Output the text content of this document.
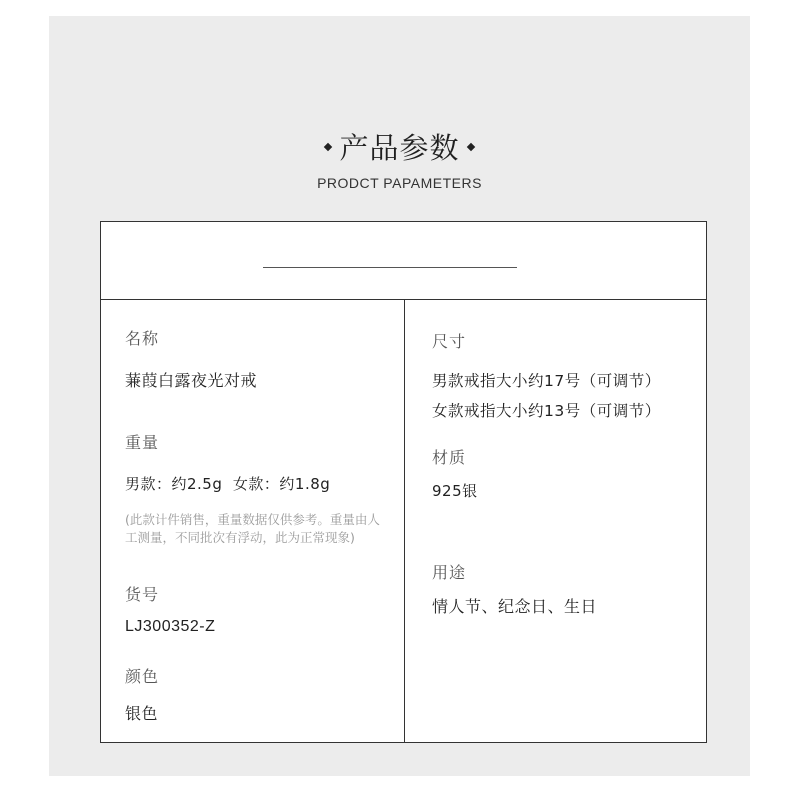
产品参数
PRODCT PAPAMETERS
名称
蒹葭白露夜光对戒
重量
男款：约2.5g  女款：约1.8g
(此款计件销售，重量数据仅供参考。重量由人工测量，不同批次有浮动，此为正常现象)
货号
LJ300352-Z
颜色
银色
尺寸
男款戒指大小约17号（可调节）
女款戒指大小约13号（可调节）
材质
925银
用途
情人节、纪念日、生日
